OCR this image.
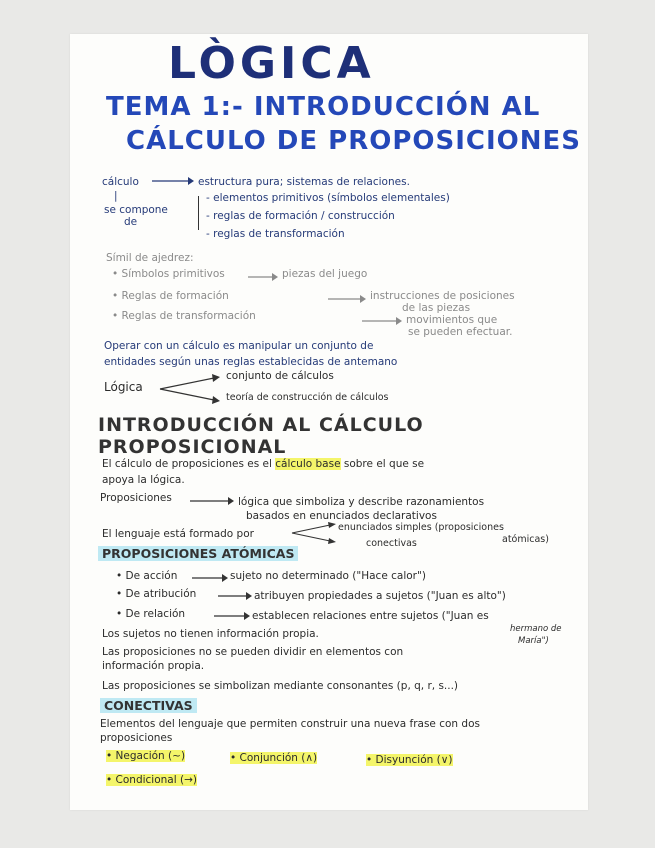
LÒGICA
TEMA 1:- INTRODUCCIÓN AL
CÁLCULO DE PROPOSICIONES
cálculo	estructura pura; sistemas de relaciones.
|
se compone
de
- elementos primitivos (símbolos elementales)
- reglas de formación / construcción
- reglas de transformación
Símil de ajedrez:
• Símbolos primitivos	piezas del juego
• Reglas de formación	instrucciones de posiciones
de las piezas
• Reglas de transformación	movimientos que
se pueden efectuar.
Operar con un cálculo es manipular un conjunto de
entidades según unas reglas establecidas de antemano
Lógica
conjunto de cálculos
teoría de construcción de cálculos
INTRODUCCIÓN AL CÁLCULO PROPOSICIONAL
El cálculo de proposiciones es el cálculo base sobre el que se
apoya la lógica.
Proposiciones	lógica que simboliza y describe razonamientos
basados en enunciados declarativos
El lenguaje está formado por
enunciados simples (proposiciones
atómicas)
conectivas
PROPOSICIONES ATÓMICAS
• De acción	sujeto no determinado ("Hace calor")
• De atribución	atribuyen propiedades a sujetos ("Juan es alto")
• De relación	establecen relaciones entre sujetos ("Juan es
hermano de
María")
Los sujetos no tienen información propia.
Las proposiciones no se pueden dividir en elementos con
información propia.
Las proposiciones se simbolizan mediante consonantes (p, q, r, s...)
CONECTIVAS
Elementos del lenguaje que permiten construir una nueva frase con dos
proposiciones
• Negación (~)	• Conjunción (∧)	• Disyunción (∨)
• Condicional (→)
